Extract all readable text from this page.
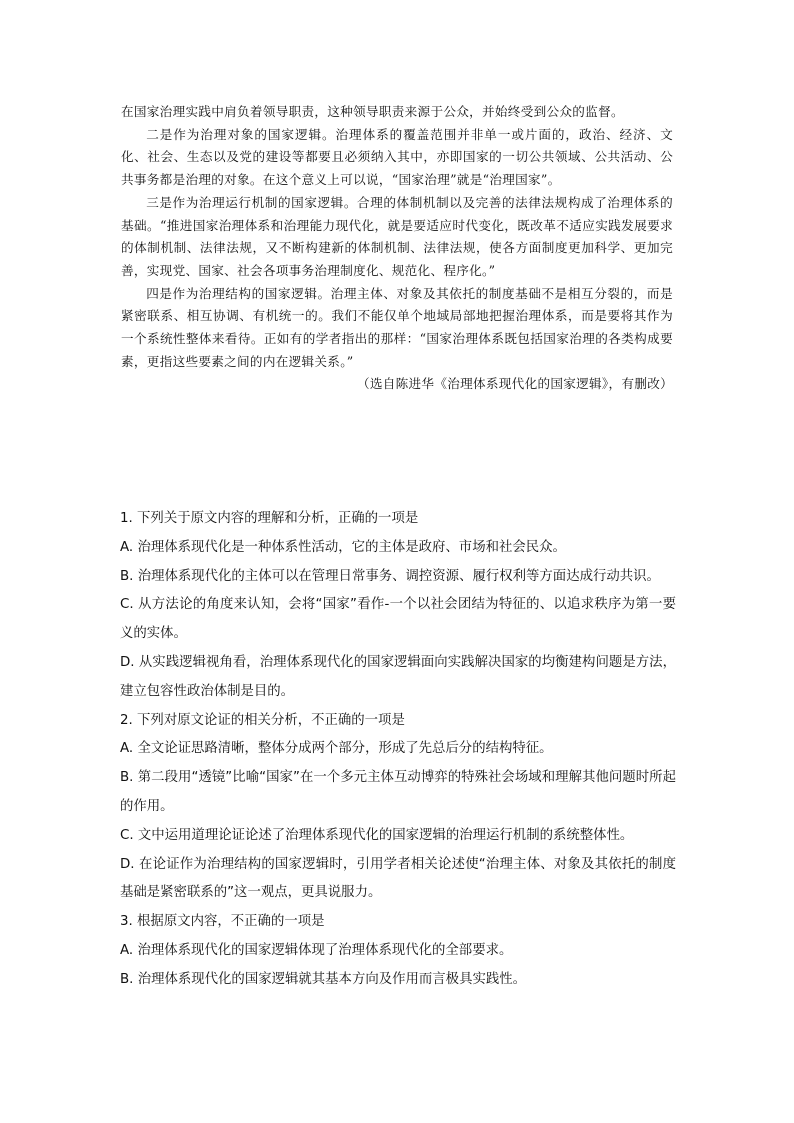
在国家治理实践中肩负着领导职责，这种领导职责来源于公众，并始终受到公众的监督。

二是作为治理对象的国家逻辑。治理体系的覆盖范围并非单一或片面的，政治、经济、文化、社会、生态以及党的建设等都要且必须纳入其中，亦即国家的一切公共领域、公共活动、公共事务都是治理的对象。在这个意义上可以说，“国家治理”就是“治理国家”。

三是作为治理运行机制的国家逻辑。合理的体制机制以及完善的法律法规构成了治理体系的基础。“推进国家治理体系和治理能力现代化，就是要适应时代变化，既改革不适应实践发展要求的体制机制、法律法规，又不断构建新的体制机制、法律法规，使各方面制度更加科学、更加完善，实现党、国家、社会各项事务治理制度化、规范化、程序化。”

四是作为治理结构的国家逻辑。治理主体、对象及其依托的制度基础不是相互分裂的，而是紧密联系、相互协调、有机统一的。我们不能仅单个地域局部地把握治理体系，而是要将其作为一个系统性整体来看待。正如有的学者指出的那样：“国家治理体系既包括国家治理的各类构成要素，更指这些要素之间的内在逻辑关系。”

（选自陈进华《治理体系现代化的国家逻辑》，有删改）

1. 下列关于原文内容的理解和分析，正确的一项是

A. 治理体系现代化是一种体系性活动，它的主体是政府、市场和社会民众。

B. 治理体系现代化的主体可以在管理日常事务、调控资源、履行权利等方面达成行动共识。

C. 从方法论的角度来认知，会将“国家”看作-一个以社会团结为特征的、以追求秩序为第一要义的实体。

D. 从实践逻辑视角看，治理体系现代化的国家逻辑面向实践解决国家的均衡建构问题是方法，建立包容性政治体制是目的。

2. 下列对原文论证的相关分析，不正确的一项是

A. 全文论证思路清晰，整体分成两个部分，形成了先总后分的结构特征。

B. 第二段用“透镜”比喻“国家”在一个多元主体互动博弈的特殊社会场域和理解其他问题时所起的作用。

C. 文中运用道理论证论述了治理体系现代化的国家逻辑的治理运行机制的系统整体性。

D. 在论证作为治理结构的国家逻辑时，引用学者相关论述使“治理主体、对象及其依托的制度基础是紧密联系的”这一观点，更具说服力。

3. 根据原文内容，不正确的一项是

A. 治理体系现代化的国家逻辑体现了治理体系现代化的全部要求。

B. 治理体系现代化的国家逻辑就其基本方向及作用而言极具实践性。
